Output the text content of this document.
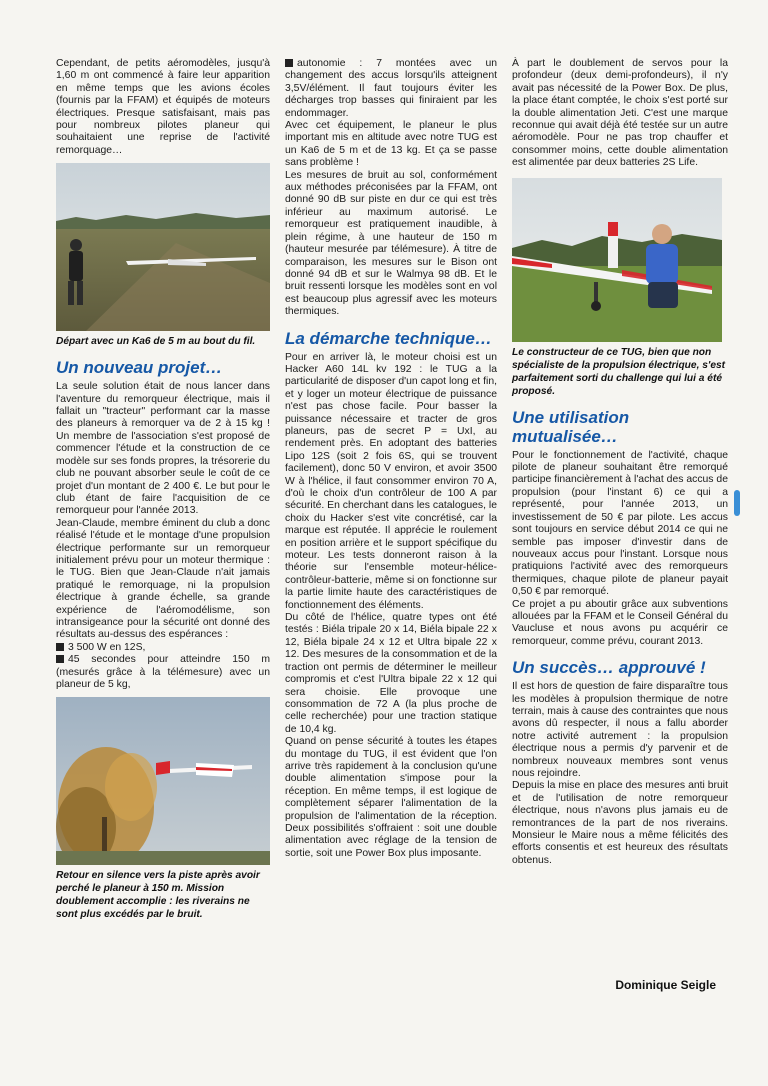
Cependant, de petits aéromodèles, jusqu'à 1,60 m ont commencé à faire leur apparition en même temps que les avions écoles (fournis par la FFAM) et équipés de moteurs électriques. Presque satisfaisant, mais pas pour nombreux pilotes planeur qui souhaitaient une reprise de l'activité remorquage…

Départ avec un Ka6 de 5 m au bout du fil.

Un nouveau projet…

La seule solution était de nous lancer dans l'aventure du remorqueur électrique, mais il fallait un "tracteur" performant car la masse des planeurs à remorquer va de 2 à 15 kg ! Un membre de l'association s'est proposé de commencer l'étude et la construction de ce modèle sur ses fonds propres, la trésorerie du club ne pouvant absorber seule le coût de ce projet d'un montant de 2 400 €. Le but pour le club étant de faire l'acquisition de ce remorqueur pour l'année 2013.

Jean-Claude, membre éminent du club a donc réalisé l'étude et le montage d'une propulsion électrique performante sur un remorqueur initialement prévu pour un moteur thermique : le TUG. Bien que Jean-Claude n'ait jamais pratiqué le remorquage, ni la propulsion électrique à grande échelle, sa grande expérience de l'aéromodélisme, son intransigeance pour la sécurité ont donné des résultats au-dessus des espérances :

3 500 W en 12S,

45 secondes pour atteindre 150 m (mesurés grâce à la télémesure) avec un planeur de 5 kg,

Retour en silence vers la piste après avoir perché le planeur à 150 m. Mission doublement accomplie : les riverains ne sont plus excédés par le bruit.

autonomie : 7 montées avec un changement des accus lorsqu'ils atteignent 3,5V/élément. Il faut toujours éviter les décharges trop basses qui finiraient par les endommager.

Avec cet équipement, le planeur le plus important mis en altitude avec notre TUG est un Ka6 de 5 m et de 13 kg. Et ça se passe sans problème !

Les mesures de bruit au sol, conformément aux méthodes préconisées par la FFAM, ont donné 90 dB sur piste en dur ce qui est très inférieur au maximum autorisé. Le remorqueur est pratiquement inaudible, à plein régime, à une hauteur de 150 m (hauteur mesurée par télémesure). À titre de comparaison, les mesures sur le Bison ont donné 94 dB et sur le Walmya 98 dB. Et le bruit ressenti lorsque les modèles sont en vol est beaucoup plus agressif avec les moteurs thermiques.

La démarche technique…

Pour en arriver là, le moteur choisi est un Hacker A60 14L kv 192 : le TUG a la particularité de disposer d'un capot long et fin, et y loger un moteur électrique de puissance n'est pas chose facile. Pour basser la puissance nécessaire et tracter de gros planeurs, pas de secret P = UxI, au rendement près. En adoptant des batteries Lipo 12S (soit 2 fois 6S, qui se trouvent facilement), donc 50 V environ, et avoir 3500 W à l'hélice, il faut consommer environ 70 A, d'où le choix d'un contrôleur de 100 A par sécurité. En cherchant dans les catalogues, le choix du Hacker s'est vite concrétisé, car la marque est réputée. Il apprécie le roulement en position arrière et le support spécifique du moteur. Les tests donneront raison à la théorie sur l'ensemble moteur-hélice-contrôleur-batterie, même si on fonctionne sur la partie limite haute des caractéristiques de fonctionnement des éléments.

Du côté de l'hélice, quatre types ont été testés : Biéla tripale 20 x 14, Biéla bipale 22 x 12, Biéla bipale 24 x 12 et Ultra bipale 22 x 12. Des mesures de la consommation et de la traction ont permis de déterminer le meilleur compromis et c'est l'Ultra bipale 22 x 12 qui sera choisie. Elle provoque une consommation de 72 A (la plus proche de celle recherchée) pour une traction statique de 10,4 kg.

Quand on pense sécurité à toutes les étapes du montage du TUG, il est évident que l'on arrive très rapidement à la conclusion qu'une double alimentation s'impose pour la réception. En même temps, il est logique de complètement séparer l'alimentation de la propulsion de l'alimentation de la réception. Deux possibilités s'offraient : soit une double alimentation avec réglage de la tension de sortie, soit une Power Box plus imposante.

À part le doublement de servos pour la profondeur (deux demi-profondeurs), il n'y avait pas nécessité de la Power Box. De plus, la place étant comptée, le choix s'est porté sur la double alimentation Jeti. C'est une marque reconnue qui avait déjà été testée sur un autre aéromodèle. Pour ne pas trop chauffer et consommer moins, cette double alimentation est alimentée par deux batteries 2S Life.

Le constructeur de ce TUG, bien que non spécialiste de la propulsion électrique, s'est parfaitement sorti du challenge qui lui a été proposé.

Une utilisation mutualisée…

Pour le fonctionnement de l'activité, chaque pilote de planeur souhaitant être remorqué participe financièrement à l'achat des accus de propulsion (pour l'instant 6) ce qui a représenté, pour l'année 2013, un investissement de 50 € par pilote. Les accus sont toujours en service début 2014 ce qui ne semble pas imposer d'investir dans de nouveaux accus pour l'instant. Lorsque nous pratiquions l'activité avec des remorqueurs thermiques, chaque pilote de planeur payait 0,50 € par remorqué.

Ce projet a pu aboutir grâce aux subventions allouées par la FFAM et le Conseil Général du Vaucluse et nous avons pu acquérir ce remorqueur, comme prévu, courant 2013.

Un succès… approuvé !

Il est hors de question de faire disparaître tous les modèles à propulsion thermique de notre terrain, mais à cause des contraintes que nous avons dû respecter, il nous a fallu aborder notre activité autrement : la propulsion électrique nous a permis d'y parvenir et de nombreux nouveaux membres sont venus nous rejoindre.

Depuis la mise en place des mesures anti bruit et de l'utilisation de notre remorqueur électrique, nous n'avons plus jamais eu de remontrances de la part de nos riverains. Monsieur le Maire nous a même félicités des efforts consentis et est heureux des résultats obtenus.

Dominique Seigle
